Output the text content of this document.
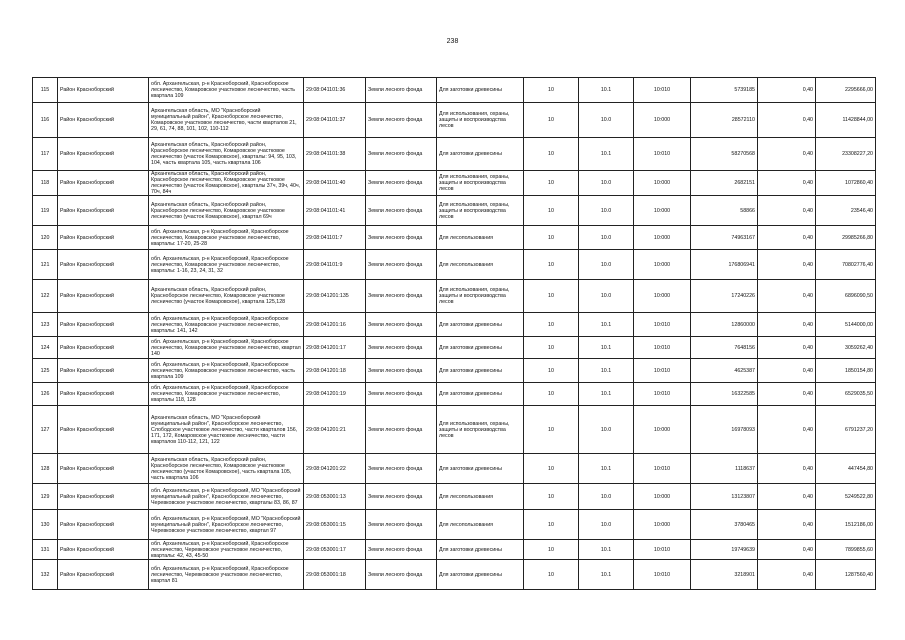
238
115	Район Красноборский	обл. Архангельская, р-н Красноборский, Красноборское лесничество, Комаровское участковое лесничество, часть квартала 109	29:08:041101:36	Земли лесного фонда	Для заготовки древесины	10	10.1	10:010	5739185	0,40	2295666,00
116	Район Красноборский	Архангельская область, МО "Красноборский муниципальный район", Красноборское лесничество, Комаровское участковое лесничество, части кварталов 21, 29, 61, 74, 88, 101, 102, 110-112	29:08:041101:37	Земли лесного фонда	Для использования, охраны, защиты и воспроизводства лесов	10	10.0	10:000	28572110	0,40	11428844,00
117	Район Красноборский	Архангельская область, Красноборский район, Красноборское лесничество, Комаровское участковое лесничество (участок Комаровское), кварталы: 94, 95, 103, 104, часть квартала 105, часть квартала 106	29:08:041101:38	Земли лесного фонда	Для заготовки древесины	10	10.1	10:010	58270568	0,40	23308227,20
118	Район Красноборский	Архангельская область, Красноборский район, Красноборское лесничество, Комаровское участковое лесничество (участок Комаровское), кварталы 37ч, 39ч, 40ч, 70ч, 84ч	29:08:041101:40	Земли лесного фонда	Для использования, охраны, защиты и воспроизводства лесов	10	10.0	10:000	2682151	0,40	1072860,40
119	Район Красноборский	Архангельская область, Красноборский район, Красноборское лесничество, Комаровское участковое лесничество (участок Комаровское), квартал 69ч	29:08:041101:41	Земли лесного фонда	Для использования, охраны, защиты и воспроизводства лесов	10	10.0	10:000	58866	0,40	23546,40
120	Район Красноборский	обл. Архангельская, р-н Красноборский, Красноборское лесничество, Комаровское участковое лесничество, кварталы: 17-20, 25-28	29:08:041101:7	Земли лесного фонда	Для лесопользования	10	10.0	10:000	74963167	0,40	29985266,80
121	Район Красноборский	обл. Архангельская, р-н Красноборский, Красноборское лесничество, Комаровское участковое лесничество, кварталы: 1-16, 23, 24, 31, 32	29:08:041101:9	Земли лесного фонда	Для лесопользования	10	10.0	10:000	176806941	0,40	70802776,40
122	Район Красноборский	Архангельская область, Красноборский район, Красноборское лесничество, Комаровское участковое лесничество (участок Комаровское), квартала 125,128	29:08:041201:135	Земли лесного фонда	Для использования, охраны, защиты и воспроизводства лесов	10	10.0	10:000	17240226	0,40	6896090,50
123	Район Красноборский	обл. Архангельская, р-н Красноборский, Красноборское лесничество, Комаровское участковое лесничество, кварталы: 141, 142	29:08:041201:16	Земли лесного фонда	Для заготовки древесины	10	10.1	10:010	12860000	0,40	5144000,00
124	Район Красноборский	обл. Архангельская, р-н Красноборский, Красноборское лесничество, Комаровское участковое лесничество, квартал 140	29:08:041201:17	Земли лесного фонда	Для заготовки древесины	10	10.1	10:010	7648156	0,40	3059262,40
125	Район Красноборский	обл. Архангельская, р-н Красноборский, Красноборское лесничество, Комаровское участковое лесничество, часть квартала 109	29:08:041201:18	Земли лесного фонда	Для заготовки древесины	10	10.1	10:010	4625387	0,40	1850154,80
126	Район Красноборский	обл. Архангельская, р-н Красноборский, Красноборское лесничество, Комаровское участковое лесничество, кварталы 118, 128	29:08:041201:19	Земли лесного фонда	Для заготовки древесины	10	10.1	10:010	16322585	0,40	6529035,50
127	Район Красноборский	Архангельская область, МО "Красноборский муниципальный район", Красноборское лесничество, Слободское участковое лесничество, части кварталов 156, 171, 172, Комаровское участковое лесничество, части кварталов 110-112, 121, 122	29:08:041201:21	Земли лесного фонда	Для использования, охраны, защиты и воспроизводства лесов	10	10.0	10:000	16978093	0,40	6791237,20
128	Район Красноборский	Архангельская область, Красноборский район, Красноборское лесничество, Комаровское участковое лесничество (участок Комаровское), часть квартала 105, часть квартала 106	29:08:041201:22	Земли лесного фонда	Для заготовки древесины	10	10.1	10:010	1118637	0,40	447454,80
129	Район Красноборский	обл. Архангельская, р-н Красноборский, МО "Красноборский муниципальный район", Красноборское лесничество, Черевковское участковое лесничество, кварталы 83, 86, 87	29:08:053001:13	Земли лесного фонда	Для лесопользования	10	10.0	10:000	13123807	0,40	5249522,80
130	Район Красноборский	обл. Архангельская, р-н Красноборский, МО "Красноборский муниципальный район", Красноборское лесничество, Черевковское участковое лесничество, квартал 97	29:08:053001:15	Земли лесного фонда	Для лесопользования	10	10.0	10:000	3780465	0,40	1512186,00
131	Район Красноборский	обл. Архангельская, р-н Красноборский, Красноборское лесничество, Черевковское участковое лесничество, кварталы: 42, 43, 45-50	29:08:053001:17	Земли лесного фонда	Для заготовки древесины	10	10.1	10:010	19749639	0,40	7899855,60
132	Район Красноборский	обл. Архангельская, р-н Красноборский, Красноборское лесничество, Черевковское участковое лесничество, квартал 81	29:08:053001:18	Земли лесного фонда	Для заготовки древесины	10	10.1	10:010	3218901	0,40	1287560,40
